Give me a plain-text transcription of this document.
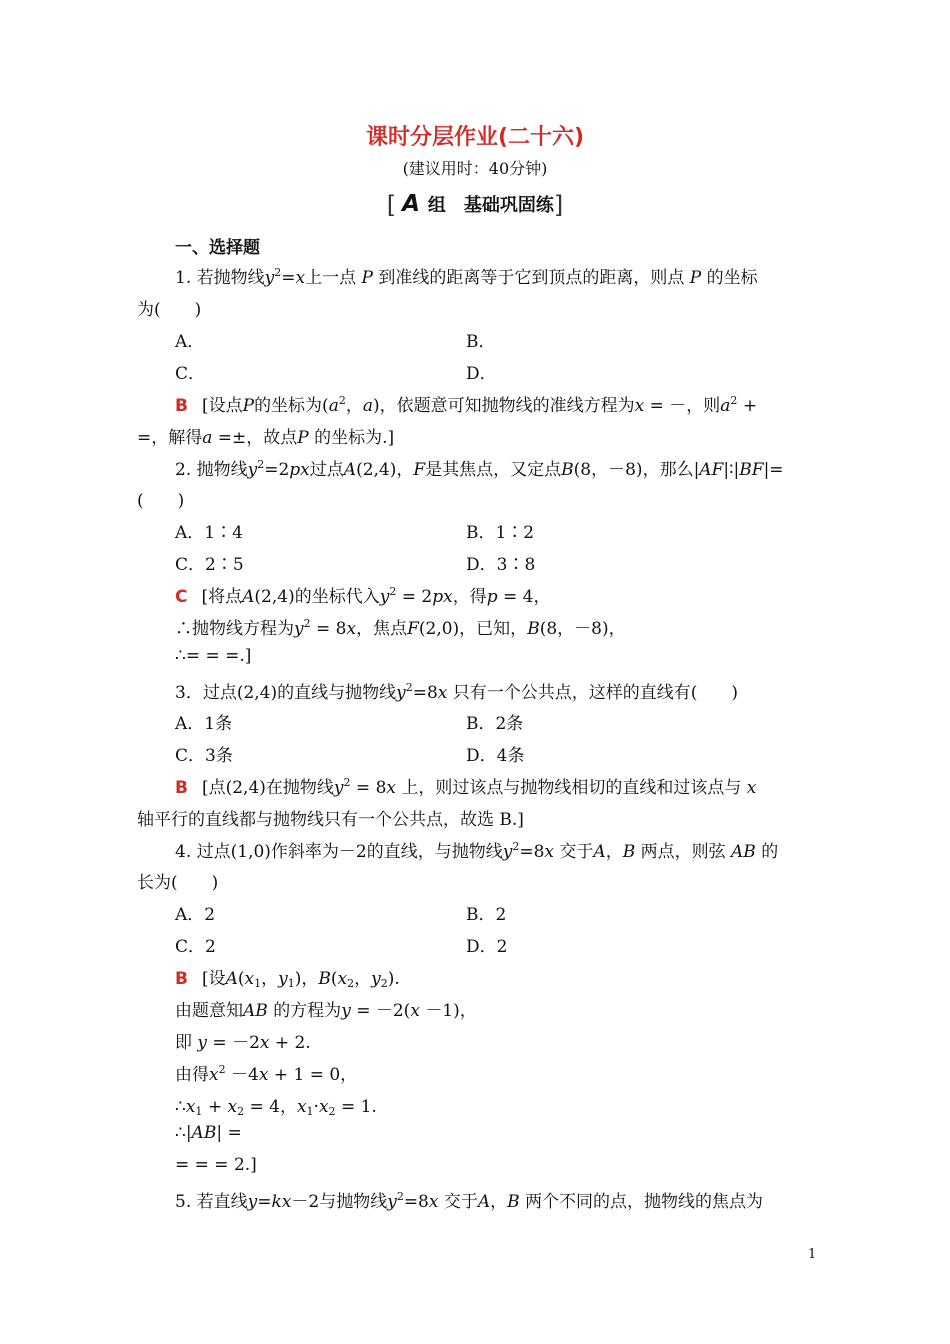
课时分层作业(二十六)
(建议用时：40分钟)
[ A 组 基础巩固练]
一、选择题
1. 若抛物线$y^2=x$上一点 P 到准线的距离等于它到顶点的距离，则点 P 的坐标
为(　　)
A．	B．
C．	D．
B [设点P的坐标为($a^2$，a)，依题意可知抛物线的准线方程为x = －，则$a^2$ +
=，解得a =±，故点P 的坐标为.]
2. 抛物线$y^2=2px$过点A(2,4)，F是其焦点，又定点B(8，－8)，那么|AF|∶|BF|=
(　　)
A．1∶4	B．1∶2
C．2∶5	D．3∶8
C [将点A(2,4)的坐标代入$y^2 = 2px$，得p = 4，
∴抛物线方程为$y^2 = 8x$，焦点F(2,0)，已知，B(8，－8)，
∴= = =.]
3．过点(2,4)的直线与抛物线$y^2=8x$ 只有一个公共点，这样的直线有(　　)
A．1条	B．2条
C．3条	D．4条
B [点(2,4)在抛物线$y^2 = 8x$ 上，则过该点与抛物线相切的直线和过该点与 x
轴平行的直线都与抛物线只有一个公共点，故选 B.]
4. 过点(1,0)作斜率为－2的直线，与抛物线$y^2=8x$ 交于A，B 两点，则弦 AB 的
长为(　　)
A．2	B．2
C．2	D．2
B [设$A(x_1$，$y_1$)，$B(x_2$，$y_2$).
由题意知AB 的方程为y = －2(x －1)，
即 y = －2x + 2.
由得$x^2 -4x + 1 = 0$，
$\therefore x_1 + x_2 = 4$，$x_1\cdot x_2 = 1$.
∴|AB| =
= = = 2.]
5. 若直线y=kx－2与抛物线$y^2=8x$ 交于A，B 两个不同的点，抛物线的焦点为
1
